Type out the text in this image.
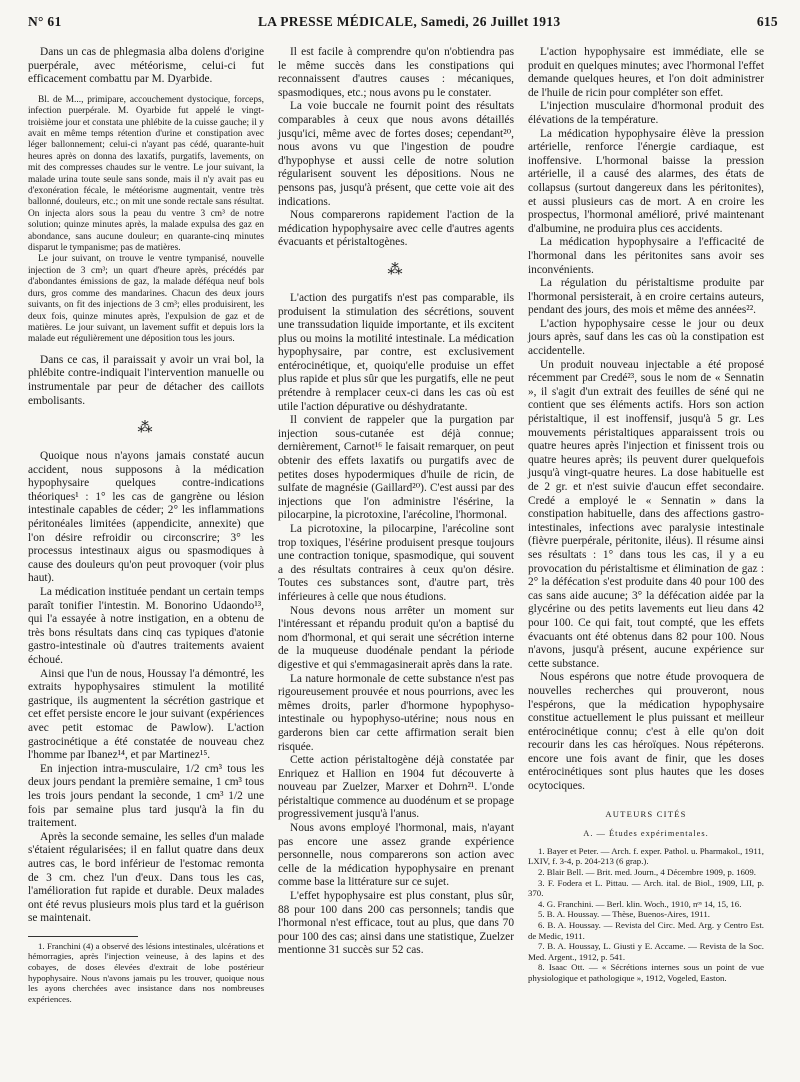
N° 61	LA PRESSE MÉDICALE, Samedi, 26 Juillet 1913	615

Dans un cas de phlegmasia alba dolens d'origine puerpérale, avec météorisme, celui-ci fut efficacement combattu par M. Dyarbide.

Bl. de M..., primipare, accouchement dystocique, forceps, infection puerpérale. M. Oyarbide fut appelé le vingt-troisième jour et constata une phlébite de la cuisse gauche; il y avait en même temps rétention d'urine et constipation avec léger ballonnement; celui-ci n'ayant pas cédé, quarante-huit heures après on donna des laxatifs, purgatifs, lavements, on mit des compresses chaudes sur le ventre. Le jour suivant, la malade urina toute seule sans sonde, mais il n'y avait pas eu d'exonération fécale, le météorisme augmentait, ventre très ballonné, douleurs, etc.; on mit une sonde rectale sans résultat. On injecta alors sous la peau du ventre 3 cm³ de notre solution; quinze minutes après, la malade expulsa des gaz en abondance, sans aucune douleur; en quarante-cinq minutes disparut le tympanisme; pas de matières.

Le jour suivant, on trouve le ventre tympanisé, nouvelle injection de 3 cm³; un quart d'heure après, précédés par d'abondantes émissions de gaz, la malade déféqua neuf bols durs, gros comme des mandarines. Chacun des deux jours suivants, on fit des injections de 3 cm³; elles produisirent, les deux fois, quinze minutes après, l'expulsion de gaz et de matières. Le jour suivant, un lavement suffit et depuis lors la malade eut régulièrement une déposition tous les jours.

Dans ce cas, il paraissait y avoir un vrai bol, la phlébite contre-indiquait l'intervention manuelle ou instrumentale par peur de détacher des caillots embolisants.

⁂

Quoique nous n'ayons jamais constaté aucun accident, nous supposons à la médication hypophysaire quelques contre-indications théoriques¹ : 1° les cas de gangrène ou lésion intestinale capables de céder; 2° les inflammations péritonéales limitées (appendicite, annexite) que l'on désire refroidir ou circonscrire; 3° les processus intestinaux aigus ou spasmodiques à cause des douleurs qu'on peut provoquer (voir plus haut).

La médication instituée pendant un certain temps paraît tonifier l'intestin. M. Bonorino Udaondo¹³, qui l'a essayée à notre instigation, en a obtenu de très bons résultats dans cinq cas typiques d'atonie gastro-intestinale où d'autres traitements avaient échoué.

Ainsi que l'un de nous, Houssay l'a démontré, les extraits hypophysaires stimulent la motilité gastrique, ils augmentent la sécrétion gastrique et cet effet persiste encore le jour suivant (expériences avec petit estomac de Pawlow). L'action gastrocinétique a été constatée de nouveau chez l'homme par Ibanez¹⁴, et par Martinez¹⁵.

En injection intra-musculaire, 1/2 cm³ tous les deux jours pendant la première semaine, 1 cm³ tous les trois jours pendant la seconde, 1 cm³ 1/2 une fois par semaine plus tard jusqu'à la fin du traitement.

Après la seconde semaine, les selles d'un malade s'étaient régularisées; il en fallut quatre dans deux autres cas, le bord inférieur de l'estomac remonta de 3 cm. chez l'un d'eux. Dans tous les cas, l'amélioration fut rapide et durable. Deux malades ont été revus plusieurs mois plus tard et la guérison se maintenait.

1. Franchini (4) a observé des lésions intestinales, ulcérations et hémorragies, après l'injection veineuse, à des lapins et des cobayes, de doses élevées d'extrait de lobe postérieur hypophysaire. Nous n'avons jamais pu les trouver, quoique nous les ayons cherchées avec insistance dans nos nombreuses expériences.

Il est facile à comprendre qu'on n'obtiendra pas le même succès dans les constipations qui reconnaissent d'autres causes : mécaniques, spasmodiques, etc.; nous avons pu le constater.

La voie buccale ne fournit point des résultats comparables à ceux que nous avons détaillés jusqu'ici, même avec de fortes doses; cependant²⁰, nous avons vu que l'ingestion de poudre d'hypophyse et aussi celle de notre solution régularisent souvent les dépositions. Nous ne pensons pas, jusqu'à présent, que cette voie ait des indications.

Nous comparerons rapidement l'action de la médication hypophysaire avec celle d'autres agents évacuants et péristaltogènes.

⁂

L'action des purgatifs n'est pas comparable, ils produisent la stimulation des sécrétions, souvent une transsudation liquide importante, et ils excitent plus ou moins la motilité intestinale. La médication hypophysaire, par contre, est exclusivement entérocinétique, et, quoiqu'elle produise un effet plus rapide et plus sûr que les purgatifs, elle ne peut prétendre à remplacer ceux-ci dans les cas où est utile l'action dépurative ou déshydratante.

Il convient de rappeler que la purgation par injection sous-cutanée est déjà connue; dernièrement, Carnot¹⁶ le faisait remarquer, on peut obtenir des effets laxatifs ou purgatifs avec de petites doses hypodermiques d'huile de ricin, de sulfate de magnésie (Gaillard²⁰). C'est aussi par des injections que l'on administre l'ésérine, la pilocarpine, la picrotoxine, l'arécoline, l'hormonal.

La picrotoxine, la pilocarpine, l'arécoline sont trop toxiques, l'ésérine produisent presque toujours une contraction tonique, spasmodique, qui souvent a des résultats contraires à ceux qu'on désire. Toutes ces substances sont, d'autre part, très inférieures à celle que nous étudions.

Nous devons nous arrêter un moment sur l'intéressant et répandu produit qu'on a baptisé du nom d'hormonal, et qui serait une sécrétion interne de la muqueuse duodénale pendant la période digestive et qui s'emmagasinerait après dans la rate.

La nature hormonale de cette substance n'est pas rigoureusement prouvée et nous pourrions, avec les mêmes droits, parler d'hormone hypophyso-intestinale ou hypophyso-utérine; nous nous en garderons bien car cette affirmation serait bien risquée.

Cette action péristaltogène déjà constatée par Enriquez et Hallion en 1904 fut découverte à nouveau par Zuelzer, Marxer et Dohrn²¹. L'onde péristaltique commence au duodénum et se propage progressivement jusqu'à l'anus.

Nous avons employé l'hormonal, mais, n'ayant pas encore une assez grande expérience personnelle, nous comparerons son action avec celle de la médication hypophysaire en prenant comme base la littérature sur ce sujet.

L'effet hypophysaire est plus constant, plus sûr, 88 pour 100 dans 200 cas personnels; tandis que l'hormonal n'est efficace, tout au plus, que dans 70 pour 100 des cas; ainsi dans une statistique, Zuelzer mentionne 31 succès sur 52 cas.

L'action hypophysaire est immédiate, elle se produit en quelques minutes; avec l'hormonal l'effet demande quelques heures, et l'on doit administrer de l'huile de ricin pour compléter son effet.

L'injection musculaire d'hormonal produit des élévations de la température.

La médication hypophysaire élève la pression artérielle, renforce l'énergie cardiaque, est inoffensive. L'hormonal baisse la pression artérielle, il a causé des alarmes, des états de collapsus (surtout dangereux dans les péritonites), et aussi plusieurs cas de mort. A en croire les prospectus, l'hormonal amélioré, privé maintenant d'albumine, ne produira plus ces accidents.

La médication hypophysaire a l'efficacité de l'hormonal dans les péritonites sans avoir ses inconvénients.

La régulation du péristaltisme produite par l'hormonal persisterait, à en croire certains auteurs, pendant des jours, des mois et même des années²².

L'action hypophysaire cesse le jour ou deux jours après, sauf dans les cas où la constipation est accidentelle.

Un produit nouveau injectable a été proposé récemment par Credé²³, sous le nom de « Sennatin », il s'agit d'un extrait des feuilles de séné qui ne contient que ses éléments actifs. Hors son action péristaltique, il est inoffensif, jusqu'à 5 gr. Les mouvements péristaltiques apparaissent trois ou quatre heures après l'injection et finissent trois ou quatre heures après; ils peuvent durer quelquefois jusqu'à vingt-quatre heures. La dose habituelle est de 2 gr. et n'est suivie d'aucun effet secondaire. Credé a employé le « Sennatin » dans la constipation habituelle, dans des affections gastro-intestinales, infections avec paralysie intestinale (fièvre puerpérale, péritonite, iléus). Il résume ainsi ses résultats : 1° dans tous les cas, il y a eu provocation du péristaltisme et élimination de gaz : 2° la défécation s'est produite dans 40 pour 100 des cas sans aide aucune; 3° la défécation aidée par la glycérine ou des petits lavements eut lieu dans 42 pour 100. Ce qui fait, tout compté, que les effets évacuants ont été obtenus dans 82 pour 100. Nous n'avons, jusqu'à présent, aucune expérience sur cette substance.

Nous espérons que notre étude provoquera de nouvelles recherches qui prouveront, nous l'espérons, que la médication hypophysaire constitue actuellement le plus puissant et meilleur entérocinétique connu; c'est à elle qu'on doit recourir dans les cas héroïques. Nous répéterons. encore une fois avant de finir, que les doses entérocinétiques sont plus hautes que les doses ocytociques.

AUTEURS CITÉS
A. — Études expérimentales.

1. Bayer et Peter. — Arch. f. exper. Pathol. u. Pharmakol., 1911, LXIV, f. 3-4, p. 204-213 (6 grap.).

2. Blair Bell. — Brit. med. Journ., 4 Décembre 1909, p. 1609.

3. F. Fodera et L. Pittau. — Arch. ital. de Biol., 1909, LII, p. 370.

4. G. Franchini. — Berl. klin. Woch., 1910, nᵒˢ 14, 15, 16.

5. B. A. Houssay. — Thèse, Buenos-Aires, 1911.

6. B. A. Houssay. — Revista del Circ. Med. Arg. y Centro Est. de Medic, 1911.

7. B. A. Houssay, L. Giusti y E. Accame. — Revista de la Soc. Med. Argent., 1912, p. 541.

8. Isaac Ott. — « Sécrétions internes sous un point de vue physiologique et pathologique », 1912, Vogeled, Easton.
